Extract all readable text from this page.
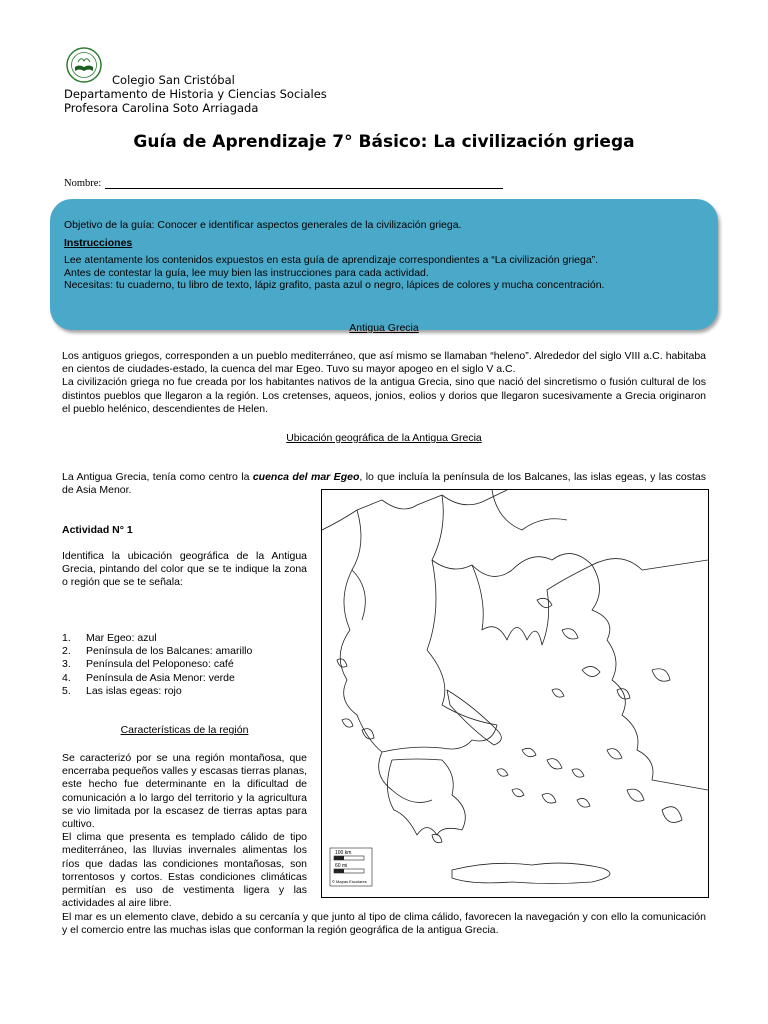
Colegio San Cristóbal
Departamento de Historia y Ciencias Sociales
Profesora Carolina Soto Arriagada
Guía de Aprendizaje 7° Básico: La civilización griega
Nombre:

Objetivo de la guía: Conocer e identificar aspectos generales de la civilización griega.

Instrucciones

Lee atentamente los contenidos expuestos en esta guía de aprendizaje correspondientes a “La civilización griega”.

Antes de contestar la guía, lee muy bien las instrucciones para cada actividad.

Necesitas: tu cuaderno, tu libro de texto, lápiz grafito, pasta azul o negro, lápices de colores y mucha concentración.

Antigua Grecia

Los antiguos griegos, corresponden a un pueblo mediterráneo, que así mismo se llamaban “heleno”. Alrededor del siglo VIII a.C. habitaba en cientos de ciudades-estado, la cuenca del mar Egeo. Tuvo su mayor apogeo en el siglo V a.C.

La civilización griega no fue creada por los habitantes nativos de la antigua Grecia, sino que nació del sincretismo o fusión cultural de los distintos pueblos que llegaron a la región. Los cretenses, aqueos, jonios, eolios y dorios que llegaron sucesivamente a Grecia originaron el pueblo helénico, descendientes de Helen.

Ubicación geográfica de la Antigua Grecia
La Antigua Grecia, tenía como centro la cuenca del mar Egeo, lo que incluía la península de los Balcanes, las islas egeas, y las costas de Asia Menor.
Actividad N° 1
Identifica la ubicación geográfica de la Antigua Grecia, pintando del color que se te indique la zona o región que se te señala:
1.	Mar Egeo: azul
2.	Península de los Balcanes: amarillo
3.	Península del Peloponeso: café
4.	Península de Asia Menor: verde
5.	Las islas egeas: rojo
Características de la región

Se caracterizó por se una región montañosa, que encerraba pequeños valles y escasas tierras planas, este hecho fue determinante en la dificultad de comunicación a lo largo del territorio y la agricultura se vio limitada por la escasez de tierras aptas para cultivo.

El clima que presenta es templado cálido de tipo mediterráneo, las lluvias invernales alimentas los ríos que dadas las condiciones montañosas, son torrentosos y cortos. Estas condiciones climáticas permitían es uso de vestimenta ligera y las actividades al aire libre.

100 km
60 mi
© Mapas Escolares
El mar es un elemento clave, debido a su cercanía y que junto al tipo de clima cálido, favorecen la navegación y con ello la comunicación y el comercio entre las muchas islas que conforman la región geográfica de la antigua Grecia.
